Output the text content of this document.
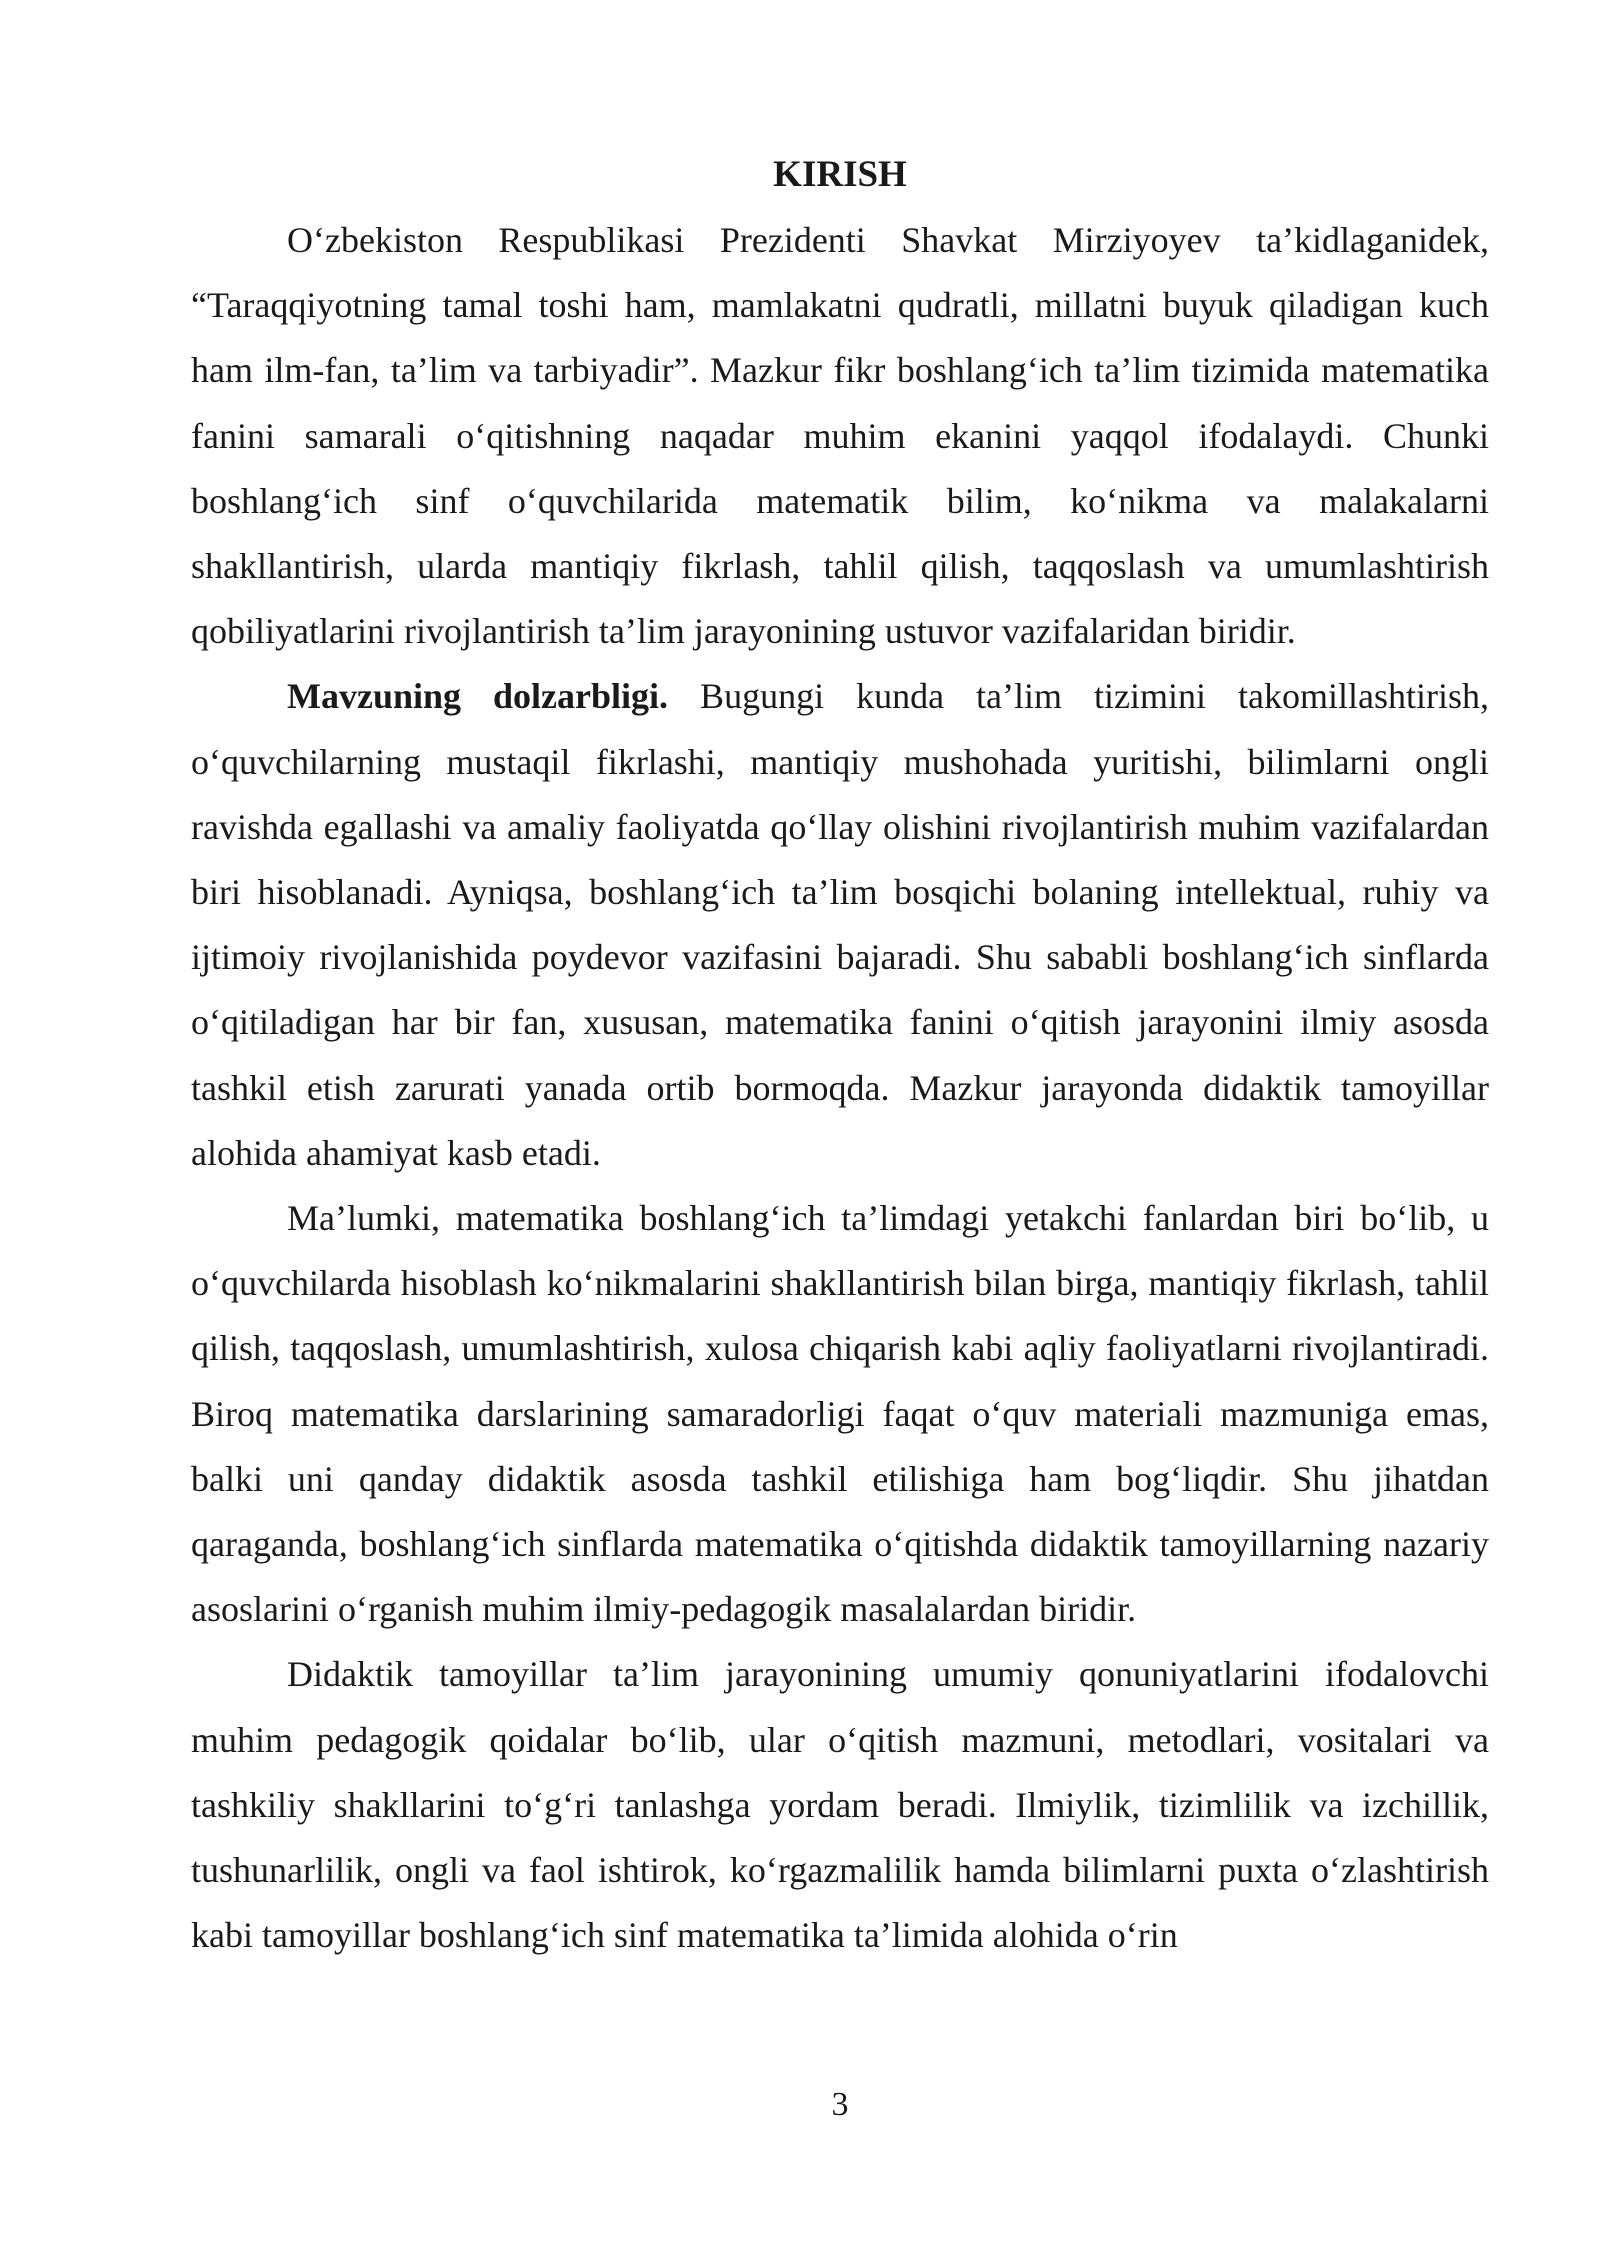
KIRISH

O‘zbekiston Respublikasi Prezidenti Shavkat Mirziyoyev ta’kidlaganidek, “Taraqqiyotning tamal toshi ham, mamlakatni qudratli, millatni buyuk qiladigan kuch ham ilm-fan, ta’lim va tarbiyadir”. Mazkur fikr boshlang‘ich ta’lim tizimida matematika fanini samarali o‘qitishning naqadar muhim ekanini yaqqol ifodalaydi. Chunki boshlang‘ich sinf o‘quvchilarida matematik bilim, ko‘nikma va malakalarni shakllantirish, ularda mantiqiy fikrlash, tahlil qilish, taqqoslash va umumlashtirish qobiliyatlarini rivojlantirish ta’lim jarayonining ustuvor vazifalaridan biridir.

Mavzuning dolzarbligi. Bugungi kunda ta’lim tizimini takomillashtirish, o‘quvchilarning mustaqil fikrlashi, mantiqiy mushohada yuritishi, bilimlarni ongli ravishda egallashi va amaliy faoliyatda qo‘llay olishini rivojlantirish muhim vazifalardan biri hisoblanadi. Ayniqsa, boshlang‘ich ta’lim bosqichi bolaning intellektual, ruhiy va ijtimoiy rivojlanishida poydevor vazifasini bajaradi. Shu sababli boshlang‘ich sinflarda o‘qitiladigan har bir fan, xususan, matematika fanini o‘qitish jarayonini ilmiy asosda tashkil etish zarurati yanada ortib bormoqda. Mazkur jarayonda didaktik tamoyillar alohida ahamiyat kasb etadi.

Ma’lumki, matematika boshlang‘ich ta’limdagi yetakchi fanlardan biri bo‘lib, u o‘quvchilarda hisoblash ko‘nikmalarini shakllantirish bilan birga, mantiqiy fikrlash, tahlil qilish, taqqoslash, umumlashtirish, xulosa chiqarish kabi aqliy faoliyatlarni rivojlantiradi. Biroq matematika darslarining samaradorligi faqat o‘quv materiali mazmuniga emas, balki uni qanday didaktik asosda tashkil etilishiga ham bog‘liqdir. Shu jihatdan qaraganda, boshlang‘ich sinflarda matematika o‘qitishda didaktik tamoyillarning nazariy asoslarini o‘rganish muhim ilmiy-pedagogik masalalardan biridir.

Didaktik tamoyillar ta’lim jarayonining umumiy qonuniyatlarini ifodalovchi muhim pedagogik qoidalar bo‘lib, ular o‘qitish mazmuni, metodlari, vositalari va tashkiliy shakllarini to‘g‘ri tanlashga yordam beradi. Ilmiylik, tizimlilik va izchillik, tushunarlilik, ongli va faol ishtirok, ko‘rgazmalilik hamda bilimlarni puxta o‘zlashtirish kabi tamoyillar boshlang‘ich sinf matematika ta’limida alohida o‘rin

3
